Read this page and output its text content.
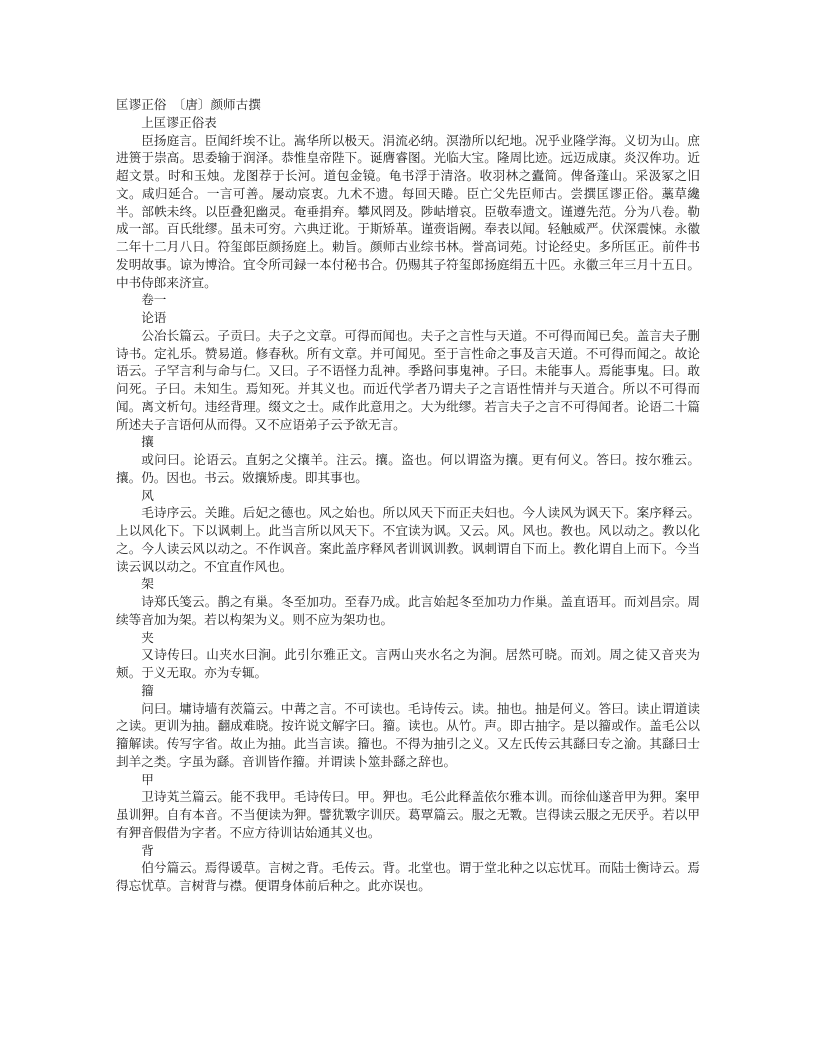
匡谬正俗　〔唐〕颜师古撰

上匡谬正俗表

臣扬庭言。臣闻纤埃不让。嵩华所以极天。涓流必纳。溟渤所以纪地。况乎业隆学海。义切为山。庶进篑于崇高。思委输于润泽。恭惟皇帝陛下。诞膺睿图。光临大宝。隆周比迹。远迈成康。炎汉侔功。近超文景。时和玉烛。龙图荐于长河。道包金镜。龟书浮于清洛。收羽林之蠹简。俾备蓬山。采汲冢之旧文。咸归延合。一言可善。屡动宸衷。九术不遗。每回天睠。臣亡父先臣师古。尝撰匡谬正俗。藁草纔半。部帙未终。以臣叠犯幽灵。奄垂捐弃。攀风罔及。陟岵增哀。臣敬奉遗文。谨遵先范。分为八卷。勒成一部。百氏纰缪。虽未可穷。六典迂讹。于斯矫革。谨赍诣阙。奉表以闻。轻触威严。伏深震悚。永徽二年十二月八日。符玺郎臣颜扬庭上。勅旨。颜师古业综书林。誉高词苑。讨论经史。多所匡正。前件书发明故事。谅为博洽。宜令所司録一本付秘书合。仍赐其子符玺郎扬庭绢五十匹。永徽三年三月十五日。中书侍郎来济宣。

卷一

论语

公冶长篇云。子贡曰。夫子之文章。可得而闻也。夫子之言性与天道。不可得而闻已矣。盖言夫子删诗书。定礼乐。赞易道。修春秋。所有文章。并可闻见。至于言性命之事及言天道。不可得而闻之。故论语云。子罕言利与命与仁。又曰。子不语怪力乱神。季路问事鬼神。子曰。未能事人。焉能事鬼。曰。敢问死。子曰。未知生。焉知死。并其义也。而近代学者乃谓夫子之言语性情并与天道合。所以不可得而闻。离文析句。违经背理。缀文之士。咸作此意用之。大为纰缪。若言夫子之言不可得闻者。论语二十篇所述夫子言语何从而得。又不应语弟子云予欲无言。

攘

或问曰。论语云。直躬之父攘羊。注云。攘。盗也。何以谓盗为攘。更有何义。答曰。按尔雅云。攘。仍。因也。书云。敚攘矫虔。即其事也。

风

毛诗序云。关雎。后妃之德也。风之始也。所以风天下而正夫妇也。今人读风为讽天下。案序释云。上以风化下。下以讽刺上。此当言所以风天下。不宜读为讽。又云。风。风也。教也。风以动之。教以化之。今人读云风以动之。不作讽音。案此盖序释风者训讽训教。讽刺谓自下而上。教化谓自上而下。今当读云讽以动之。不宜直作风也。

架

诗郑氏笺云。鹊之有巢。冬至加功。至春乃成。此言始起冬至加功力作巢。盖直语耳。而刘昌宗。周续等音加为架。若以构架为义。则不应为架功也。

夹

又诗传曰。山夹水曰涧。此引尔雅正文。言两山夹水名之为涧。居然可晓。而刘。周之徒又音夹为颊。于义无取。亦为专辄。

籀

问曰。墉诗墙有茨篇云。中冓之言。不可读也。毛诗传云。读。抽也。抽是何义。答曰。读止谓道读之读。更训为抽。翻成难晓。按许说文解字曰。籀。读也。从竹。声。即古抽字。是以籀或作。盖毛公以籀解读。传写字省。故止为抽。此当言读。籀也。不得为抽引之义。又左氏传云其繇曰专之渝。其繇曰士刲羊之类。字虽为繇。音训皆作籀。并谓读卜筮卦繇之辞也。

甲

卫诗芄兰篇云。能不我甲。毛诗传曰。甲。狎也。毛公此释盖依尔雅本训。而徐仙遂音甲为狎。案甲虽训狎。自有本音。不当便读为狎。譬犹斁字训厌。葛覃篇云。服之无斁。岂得读云服之无厌乎。若以甲有狎音假借为字者。不应方待训诂始通其义也。

背

伯兮篇云。焉得谖草。言树之背。毛传云。背。北堂也。谓于堂北种之以忘忧耳。而陆士衡诗云。焉得忘忧草。言树背与襟。便谓身体前后种之。此亦误也。
